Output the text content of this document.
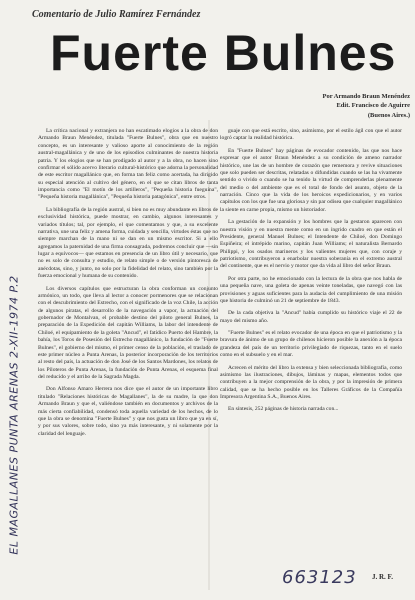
Comentario de Julio Ramírez Fernández
Fuerte Bulnes
Por Armando Braun Menéndez
Edit. Francisco de Aguirre
(Buenos Aires.)

La crítica nacional y extranjera no han escatimado elogios a la obra de don Armando Braun Menéndez, titulada "Fuerte Bulnes", obra que en nuestro concepto, es un interesante y valioso aporte al conocimiento de la región austral-magallánica y de uno de los episodios culminantes de nuestra historia patria. Y los elogios que se han prodigado al autor y a la obra, no hacen sino confirmar el sólido acervo literario cultural-histórico que adorna la personalidad de este escritor magallánico que, en forma tan feliz como acertada, ha dirigido su especial atención al cultivo del género, en el que se citan libros de tanta importancia como "El motín de los artilleros", "Pequeña historia fueguina", "Pequeña historia magallánica", "Pequeña historia patagónica", entre otros.

La bibliografía de la región austral, si bien no es muy abundante en libros de exclusividad histórica, puede mostrar, en cambio, algunos interesantes y variados títulos; tal, por ejemplo, el que comentamos y que, a su excelente narrativa, une una feliz y amena forma, cuidada y sencilla, virtudes éstas que no siempre marchan de la mano ni se dan en un mismo escritor. Si a ello agregamos la paternidad de una firma consagrada, podremos concluir que —sin lugar a equívocos— que estamos en presencia de un libro útil y necesario, que no es solo de consulta y estudio, de relato simple o de versión pintoresca de anécdotas, sino, y junto, no solo por la fidelidad del relato, sino también por la fuerza emocional y humana de su contenido.

Los diversos capítulos que estructuran la obra conforman un conjunto armónico, un todo, que lleva al lector a conocer pormenores que se relacionan con el descubrimiento del Estrecho, con el significado de la voz Chile, la acción de algunos piratas, el desarrollo de la navegación a vapor, la actuación del gobernador de Montalvan, el probable destino del piloto general Bulnes, la preparación de la Expedición del capitán Williams, la labor del intendente de Chiloé, el equipamiento de la goleta "Ancud", el fatídico Puerto del Hambre, la bahía, los Toros de Posesión del Estrecho magallánico, la fundación de "Fuerte Bulnes", el gobierno del mismo, el primer censo de la población, el traslado de este primer núcleo a Punta Arenas, la posterior incorporación de los territorios al resto del país, la actuación de don José de los Santos Mardones, los relatos de los Piloteros de Punta Arenas, la fundación de Punta Arenas, el esquema final del reducido y el arribo de la Sagrada Magda.

Don Alfonso Amaro Herrera nos dice que el autor de un importante libro titulado "Relaciones históricas de Magallanes", la de su madre, la que don Armando Braun y que el, valiéndose también en documentos y archivos de la más cierta confiabilidad, condensó toda aquella variedad de los hechos, de lo que la obra se denomina "Fuerte Bulnes" y que nos gusta un libro que ya en sí, y por sus valores, sobre todo, sino ya más interesante, y ni solamente por la claridad del lenguaje.

guaje con que está escrito, sino, asimismo, por el estilo ágil con que el autor logró captar la realidad histórica.

En "Fuerte Bulnes" hay páginas de evocador contenido, las que nos hace expresar que el autor Braun Menéndez a su condición de ameno narrador histórico, une las de un hombre de corazón que rememora y revive situaciones que solo pueden ser descritas, relatadas o difundidas cuando se las ha vivamente sentido o vivido o cuando se ha tenido la virtud de comprenderlas plenamente del medio o del ambiente que es el total de fondo del asunto, objeto de la narración. Cinco que la vida de los heroicos expedicionarios, y en varios capítulos con los que fue una gloriosa y sin par odisea que cualquier magallánico la siente en carne propia, mismo un historiador.

La gestación de la expansión y los hombres que la gestaron aparecen con nuestra visión y en nuestra mente como en un íngrido cuadro en que están el Presidente, general Manuel Bulnes; el Intendente de Chiloé, don Domingo Espiñeira; el intrépido marino, capitán Juan Williams; el naturalista Bernardo Philippi, y los osados marineros y los valientes mujeres que, con coraje y patriotismo, contribuyeron a enarbolar nuestra soberanía en el extremo austral del continente, que es el nervio y motor que da vida al libro del señor Braun.

Por otra parte, no he emocionado con la lectura de la obra que nos habla de una pequeña nave, una goleta de apenas veinte toneladas, que navegó con las provisiones y aguas suficientes para la audacia del cumplimiento de una misión que historia de culminó un 21 de septiembre de 1843.

De la cada objetiva la "Ancud" había cumplido su histórico viaje el 22 de mayo del mismo año.

"Fuerte Bulnes" es el relato evocador de una época en que el patriotismo y la bravura de ánimo de un grupo de chilenos hicieron posible la anexión a la época grandeza del país de un territorio privilegiado de riquezas, tanto en el suelo como en el subsuelo y en el mar.

Acrecen el mérito del libro la extensa y bien seleccionada bibliografía, como asimismo las ilustraciones, dibujos, láminas y mapas, elementos todos que contribuyen a la mejor comprensión de la obra, y por la impresión de primera calidad, que se ha hecho posible en los Talleres Gráficos de la Compañía Impresora Argentina S.A., Buenos Aires.

En síntesis, 252 páginas de historia narrada con...

EL MAGALLANES PUNTA ARENAS 2-XII-1974 P.2
663123 J. R. F.
